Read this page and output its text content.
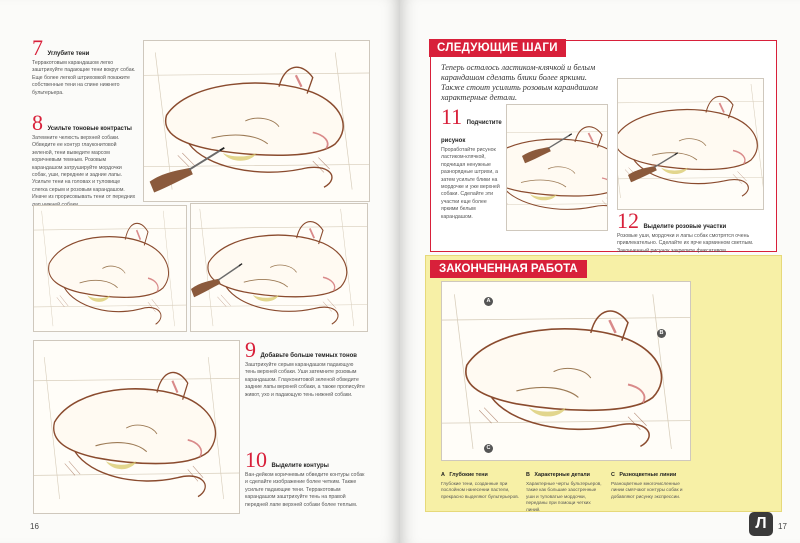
7 Углубите тени
Терракотовым карандашом легко заштрихуйте падающие тени вокруг собак. Еще более легкой штриховкой покажите собственные тени на спине нижнего бультерьера.
8 Усильте тоновые контрасты
Затемните челюсть верхней собаки. Обведите ее контур глауконитовой зеленой, тени выведите марсом коричневым темным. Розовым карандашом затрушируйте мордочки собак, уши, передние и задние лапы. Усильте тени на головах и туловище слегка серым и розовым карандашом. Иначе из прорисовывать тени от передних
9 Добавьте больше темных тонов
Заштрихуйте серым карандашом падающую тень верхней собаки. Уши затемните розовым карандашом. Глауконитовой зеленой обведите задние лапы верхней собаки, а также пропиcуйте живот, ухо и падающую тень нижней собаки.
10 Выделите контуры
Ван-дейком коричневым обведите контуры собак и сделайте изображение более четким. Также усильте падающие тени. Терракотовым карандашом заштрихуйте тень на правой передней лапе верхней собаки более теплым.
16
СЛЕДУЮЩИЕ ШАГИ
Теперь осталось ластиком-клячкой и белым карандашом сделать блики более яркими. Также стоит усилить розовым карандашом характерные детали.
11 Подчистите рисунок
Проработайте рисунок ластиком-клячкой, подчищая ненужные разнорядные штрихи, а затем усильте блики на мордочке и уже верхней собаки. Сделайте эти участки еще более яркими белым карандашом.	12 Выделите розовые участки
Розовые уши, мордочки и лапы собак смотрятся очень привлекательно. Сделайте их ярче карминном светлым. Законченный рисунок закрепите фиксативом.
ЗАКОНЧЕННАЯ РАБОТА
A
B
C
A Глубокие тени
Глубокие тени, созданные при послойном нанесении пастели, прекрасно выделяют бультерьеров.
B Характерные детали
Характерные черты бультерьеров, такие как большие заостренные уши и туповатые мордочки, переданы при помощи четких линий.
C Разноцветные линии
Разноцветные многочисленные линии смягчают контуры собак и добавляют рисунку экспрессии.
Л	17
